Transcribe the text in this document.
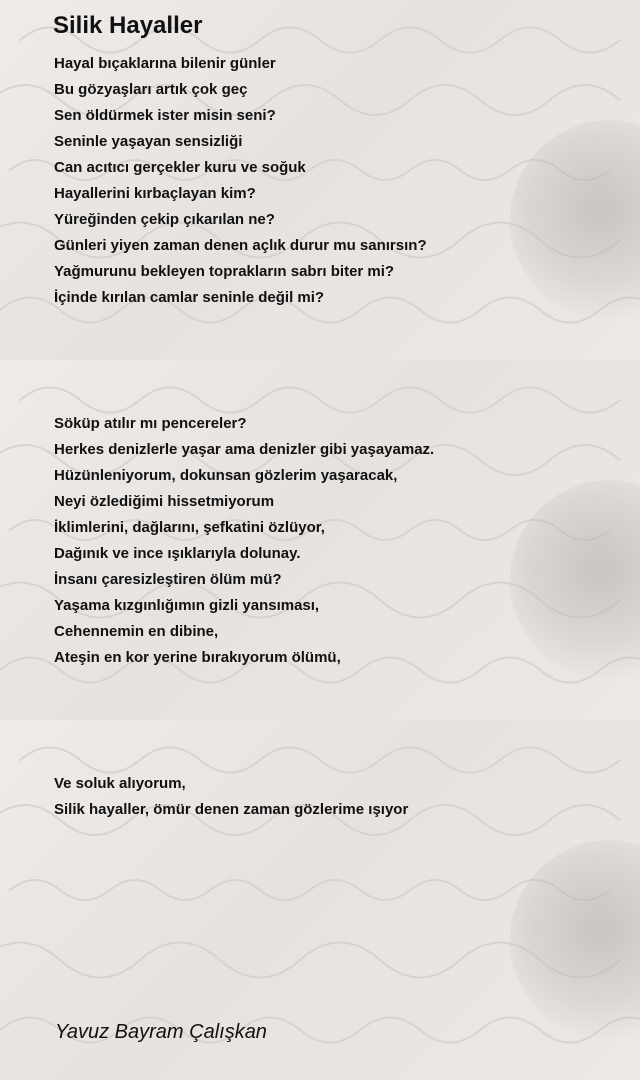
Silik Hayaller
Hayal bıçaklarına bilenir günler
Bu gözyaşları artık çok geç
Sen öldürmek ister misin seni?
Seninle yaşayan sensizliği
Can acıtıcı gerçekler kuru ve soğuk
Hayallerini kırbaçlayan kim?
Yüreğinden çekip çıkarılan ne?
Günleri yiyen zaman denen açlık durur mu sanırsın?
Yağmurunu bekleyen toprakların sabrı biter mi?
İçinde kırılan camlar seninle değil mi?
Söküp atılır mı pencereler?
Herkes denizlerle yaşar ama denizler gibi yaşayamaz.
Hüzünleniyorum, dokunsan gözlerim yaşaracak,
Neyi özlediğimi hissetmiyorum
İklimlerini, dağlarını, şefkatini özlüyor,
Dağınık ve ince ışıklarıyla dolunay.
İnsanı çaresizleştiren ölüm mü?
Yaşama kızgınlığımın gizli yansıması,
Cehennemin en dibine,
Ateşin en kor yerine bırakıyorum ölümü,
Ve soluk alıyorum,
Silik hayaller, ömür denen zaman gözlerime ışıyor
Yavuz Bayram Çalışkan
